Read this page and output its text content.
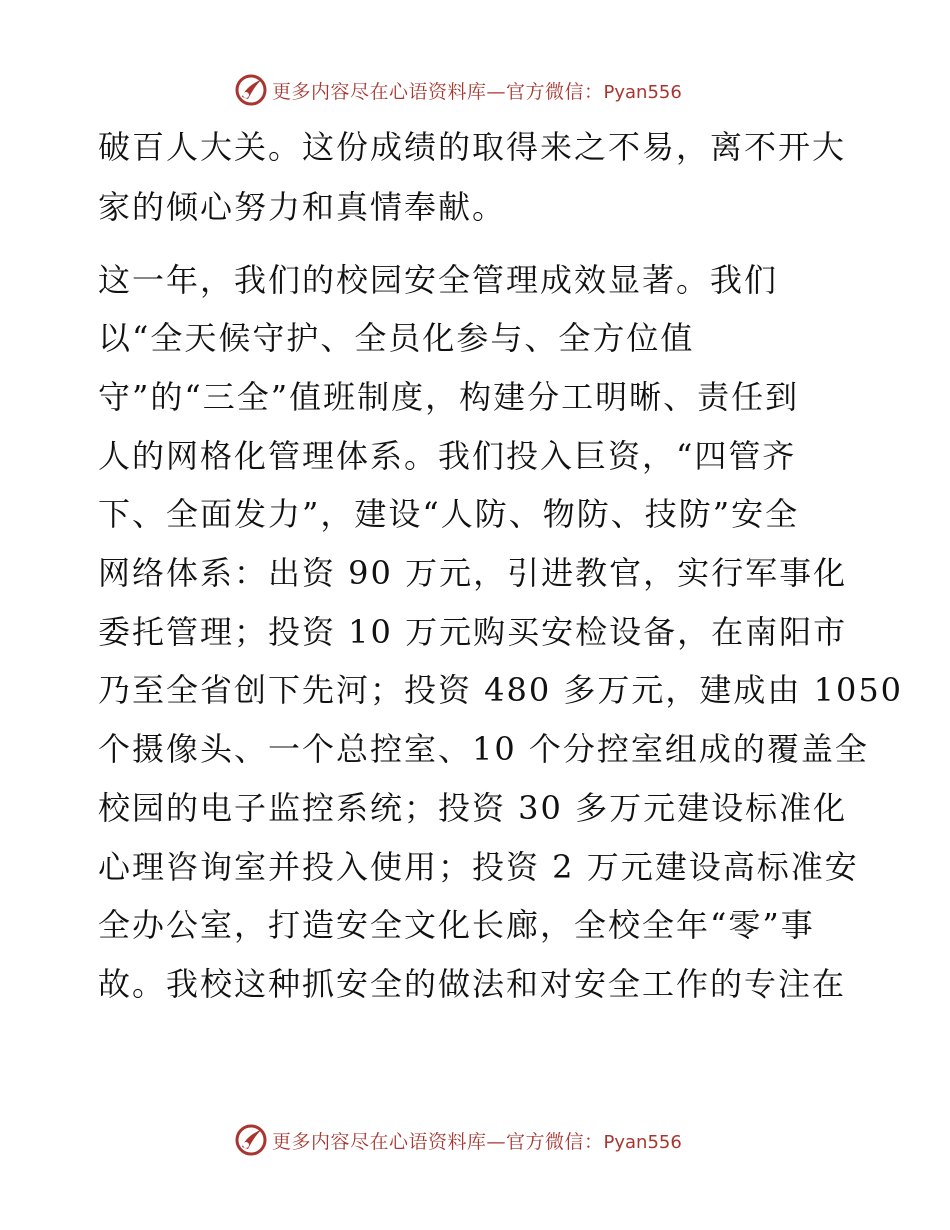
更多内容尽在心语资料库—官方微信：Pyan556
破百人大关。这份成绩的取得来之不易，离不开大
家的倾心努力和真情奉献。
这一年，我们的校园安全管理成效显著。我们
以“全天候守护、全员化参与、全方位值
守”的“三全”值班制度，构建分工明晰、责任到
人的网格化管理体系。我们投入巨资，“四管齐
下、全面发力”，建设“人防、物防、技防”安全
网络体系：出资 90 万元，引进教官，实行军事化
委托管理；投资 10 万元购买安检设备，在南阳市
乃至全省创下先河；投资 480 多万元，建成由 1050
个摄像头、一个总控室、10 个分控室组成的覆盖全
校园的电子监控系统；投资 30 多万元建设标准化
心理咨询室并投入使用；投资 2 万元建设高标准安
全办公室，打造安全文化长廊，全校全年“零”事
故。我校这种抓安全的做法和对安全工作的专注在
更多内容尽在心语资料库—官方微信：Pyan556
